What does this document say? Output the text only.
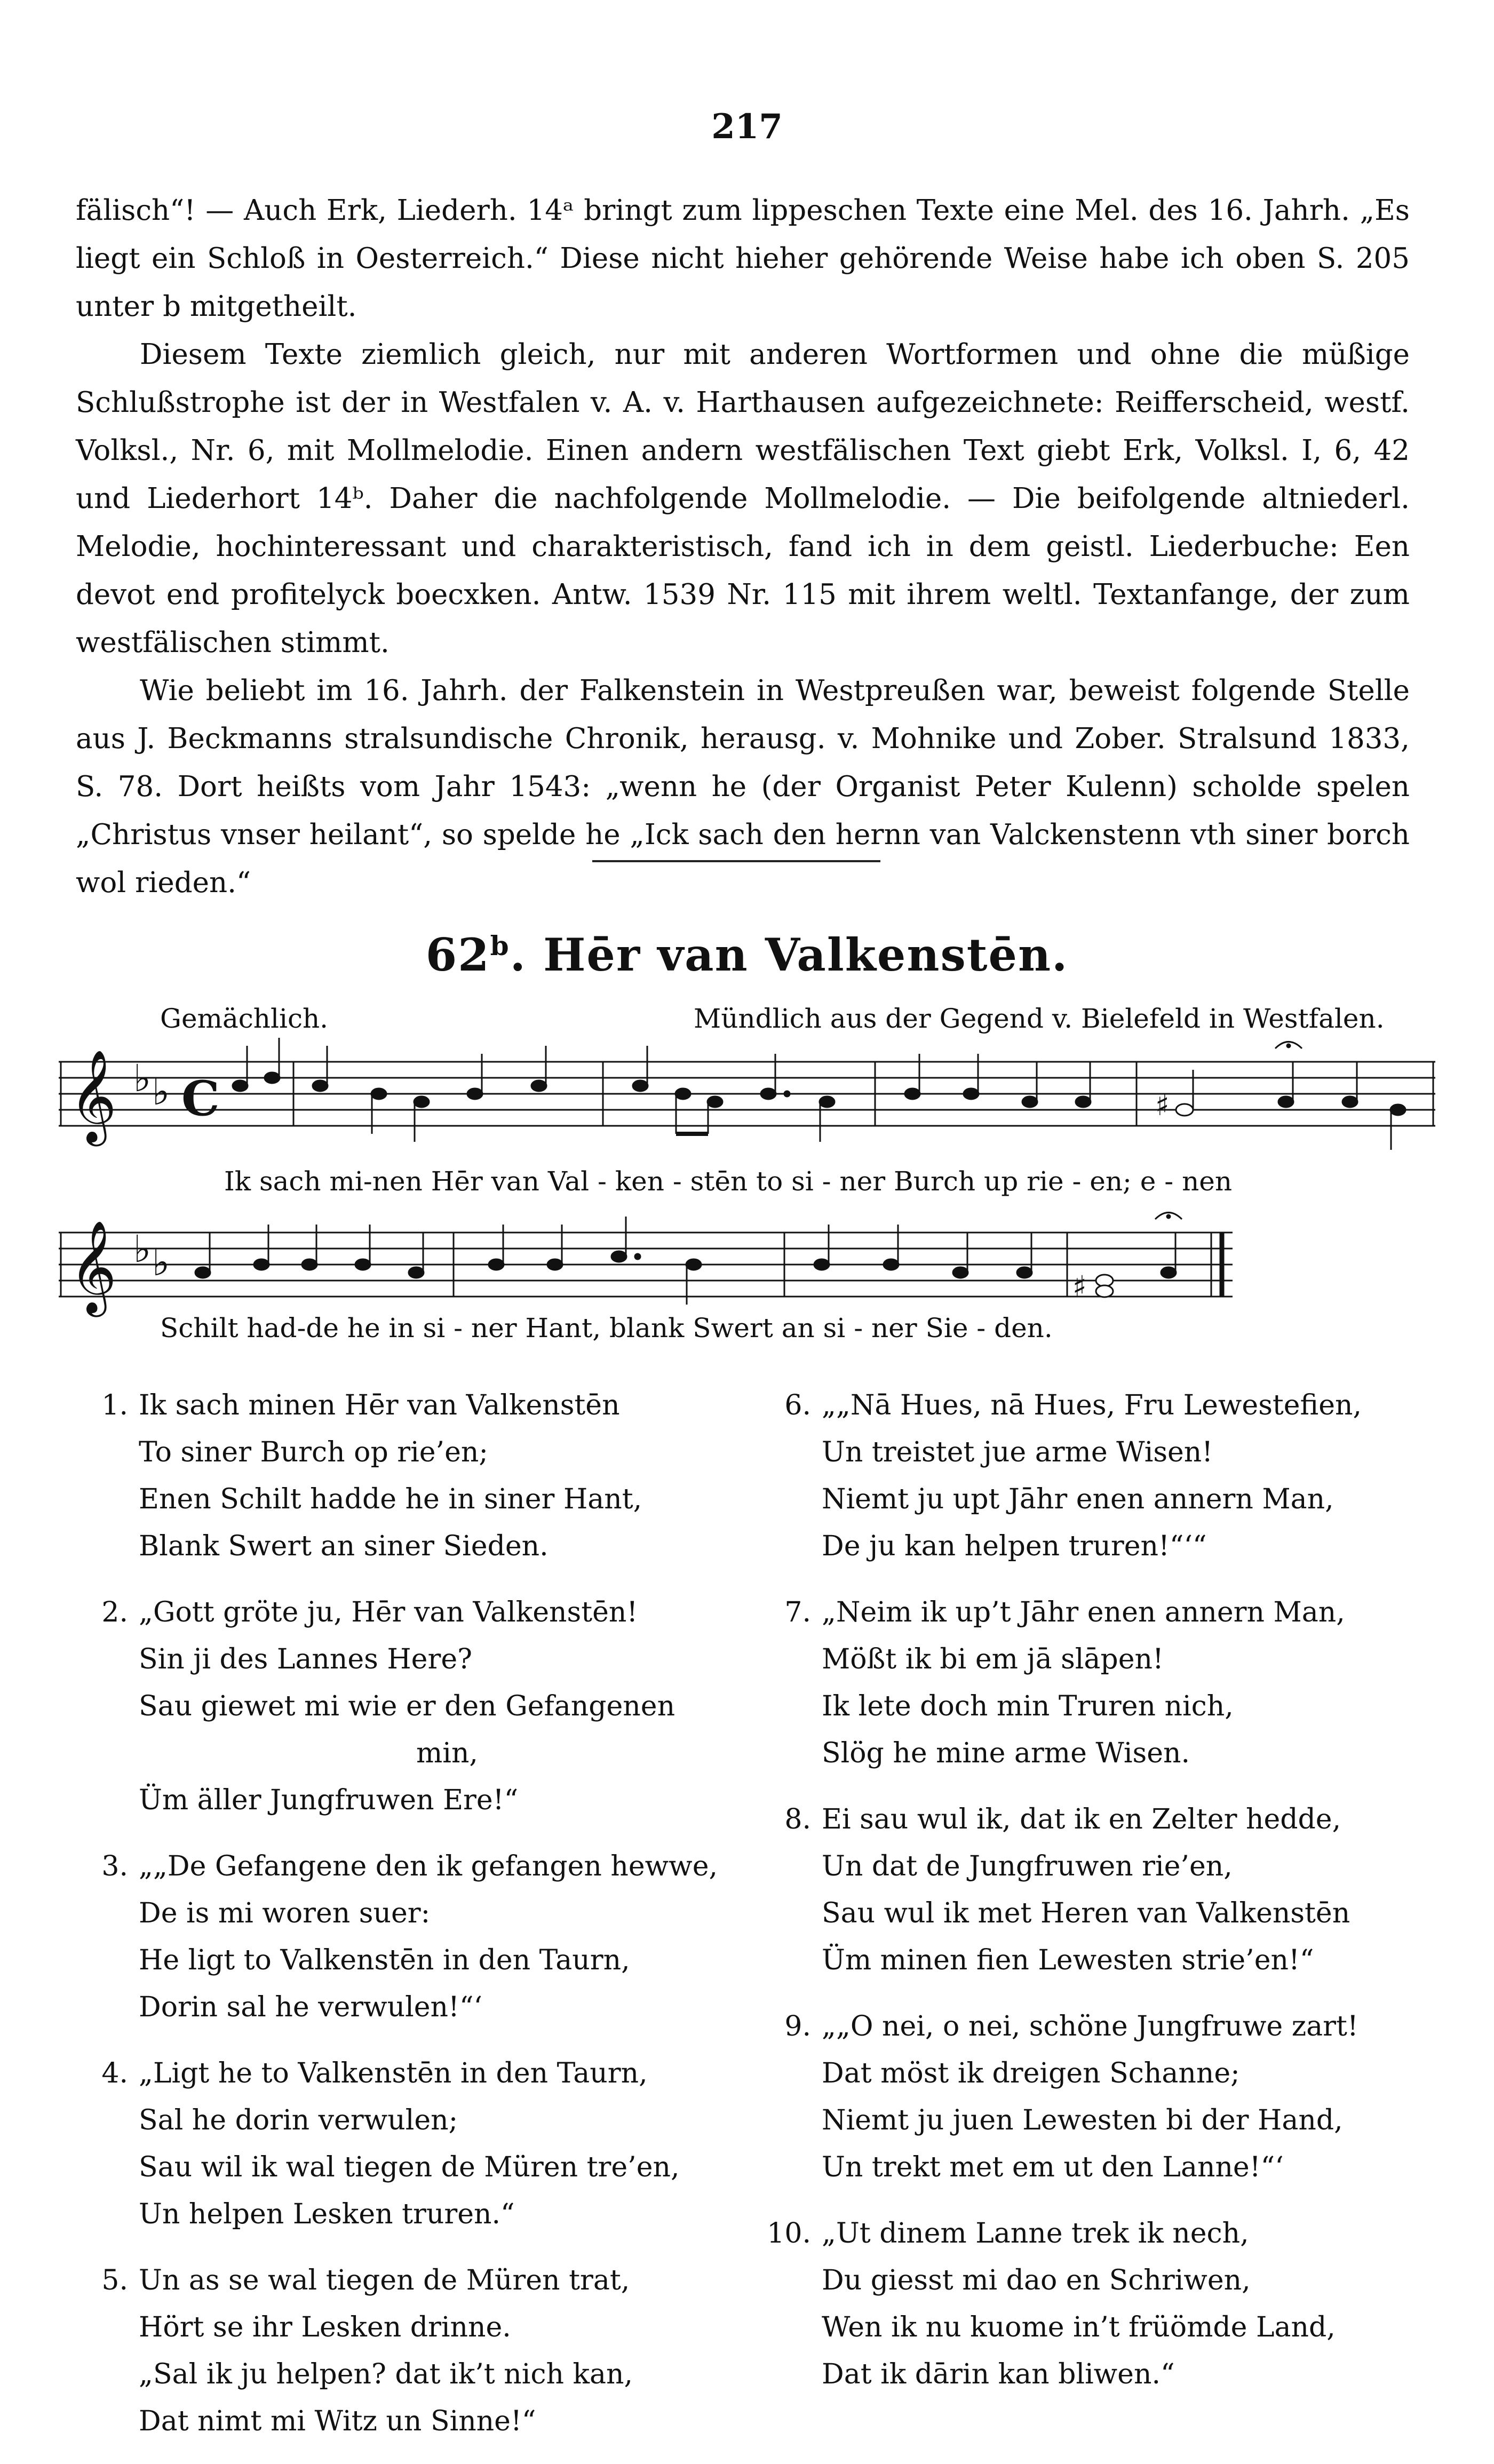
217

fälisch“! — Auch Erk, Liederh. 14ᵃ bringt zum lippeschen Texte eine Mel. des 16. Jahrh. „Es liegt ein Schloß in Oesterreich.“ Diese nicht hieher gehörende Weise habe ich oben S. 205 unter b mitgetheilt.

Diesem Texte ziemlich gleich, nur mit anderen Wortformen und ohne die müßige Schlußstrophe ist der in Westfalen v. A. v. Harthausen aufgezeichnete: Reifferscheid, westf. Volksl., Nr. 6, mit Mollmelodie. Einen andern westfälischen Text giebt Erk, Volksl. I, 6, 42 und Liederhort 14ᵇ. Daher die nachfolgende Mollmelodie. — Die beifolgende altniederl. Melodie, hochinteressant und charakteristisch, fand ich in dem geistl. Liederbuche: Een devot end profitelyck boecxken. Antw. 1539 Nr. 115 mit ihrem weltl. Textanfange, der zum westfälischen stimmt.

Wie beliebt im 16. Jahrh. der Falkenstein in Westpreußen war, beweist folgende Stelle aus J. Beckmanns stralsundische Chronik, herausg. v. Mohnike und Zober. Stralsund 1833, S. 78. Dort heißts vom Jahr 1543: „wenn he (der Organist Peter Kulenn) scholde spelen „Christus vnser heilant“, so spelde he „Ick sach den hernn van Valckenstenn vth siner borch wol rieden.“

62$^b$. Hēr van Valkenstēn.
Gemächlich.	Mündlich aus der Gegend v. Bielefeld in Westfalen.
𝄞 ♭ ♭ C	♯
Ik sach mi-nen Hēr van Val - ken - stēn to si - ner Burch up rie - en; e - nen
𝄞 ♭ ♭
♯
Schilt had-de he in si - ner Hant, blank Swert an si - ner Sie - den.
1. Ik sach minen Hēr van Valkenstēn
To siner Burch op rie’en;
Enen Schilt hadde he in siner Hant,
Blank Swert an siner Sieden.
2. „Gott gröte ju, Hēr van Valkenstēn!
Sin ji des Lannes Here?
Sau giewet mi wie er den Gefangenen
min,
Üm äller Jungfruwen Ere!“
3. „„De Gefangene den ik gefangen hewwe,
De is mi woren suer:
He ligt to Valkenstēn in den Taurn,
Dorin sal he verwulen!“‘
4. „Ligt he to Valkenstēn in den Taurn,
Sal he dorin verwulen;
Sau wil ik wal tiegen de Müren tre’en,
Un helpen Lesken truren.“
5. Un as se wal tiegen de Müren trat,
Hört se ihr Lesken drinne.
„Sal ik ju helpen? dat ik’t nich kan,
Dat nimt mi Witz un Sinne!“
6. „„Nā Hues, nā Hues, Fru Lewestefien,
Un treistet jue arme Wisen!
Niemt ju upt Jāhr enen annern Man,
De ju kan helpen truren!“‘“
7. „Neim ik up’t Jāhr enen annern Man,
Mößt ik bi em jā slāpen!
Ik lete doch min Truren nich,
Slög he mine arme Wisen.
8. Ei sau wul ik, dat ik en Zelter hedde,
Un dat de Jungfruwen rie’en,
Sau wul ik met Heren van Valkenstēn
Üm minen fien Lewesten strie’en!“
9. „„O nei, o nei, schöne Jungfruwe zart!
Dat möst ik dreigen Schanne;
Niemt ju juen Lewesten bi der Hand,
Un trekt met em ut den Lanne!“‘
10. „Ut dinem Lanne trek ik nech,
Du giesst mi dao en Schriwen,
Wen ik nu kuome in’t früömde Land,
Dat ik dārin kan bliwen.“
